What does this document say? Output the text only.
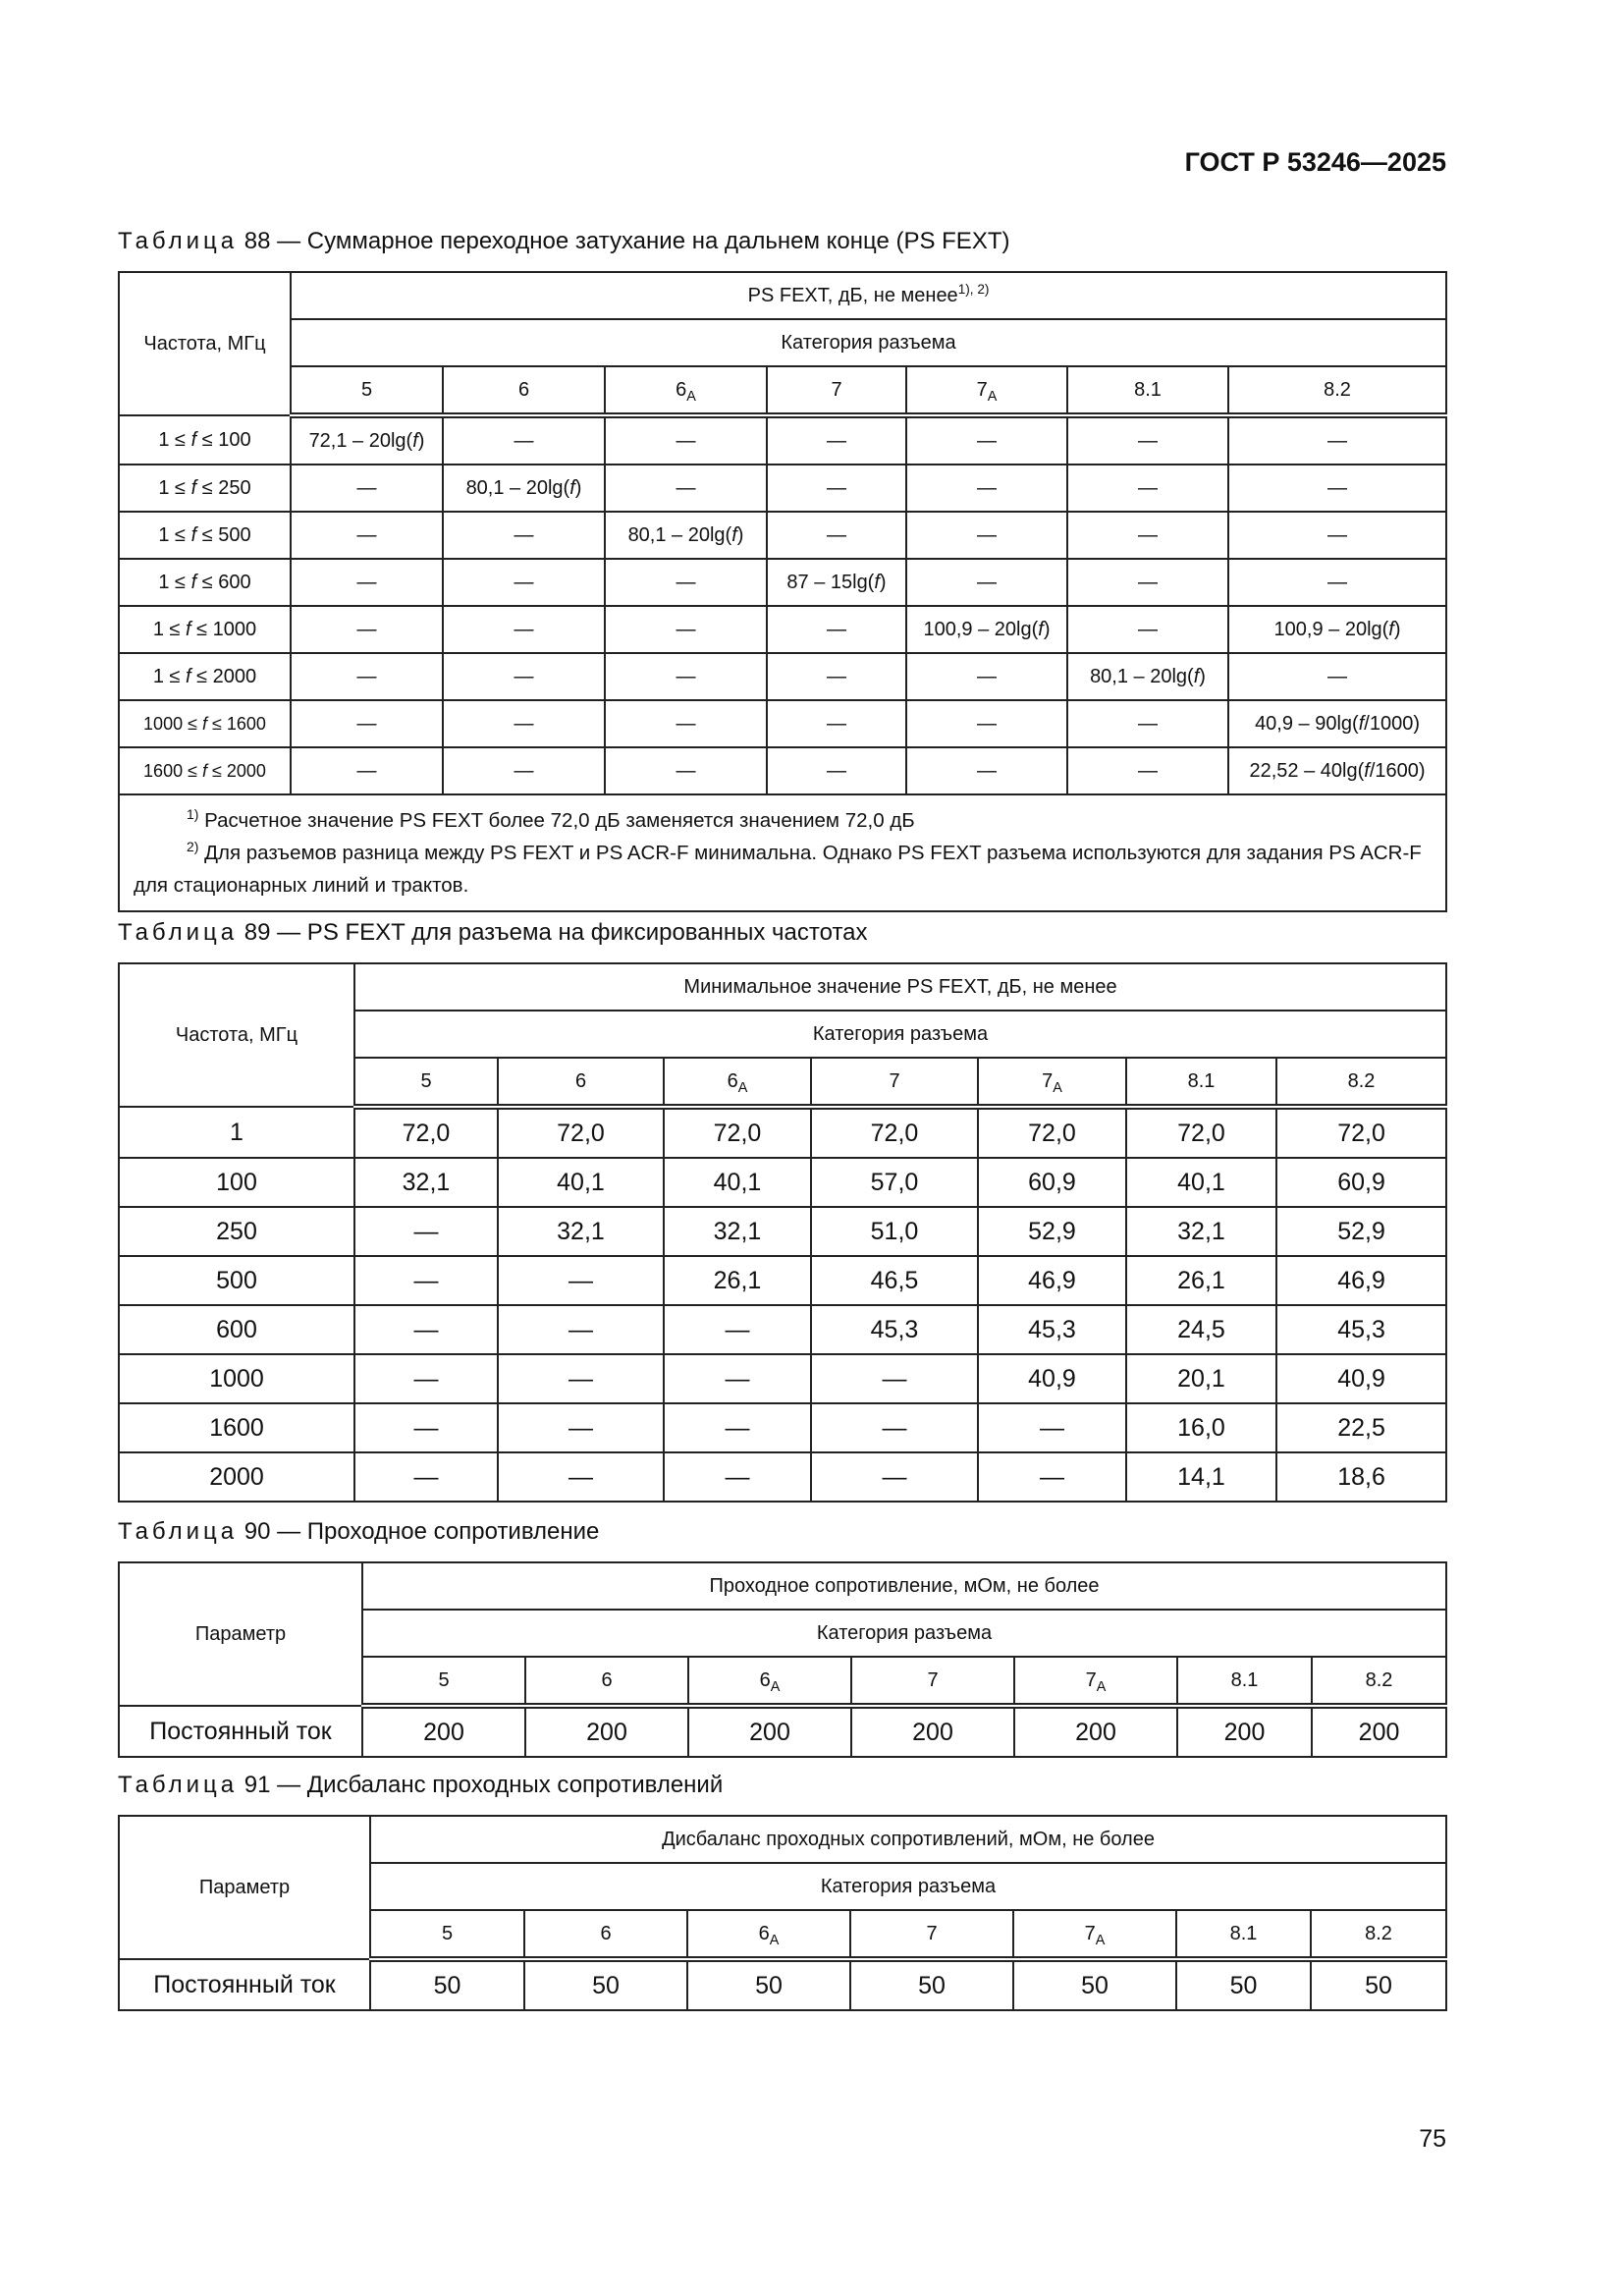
ГОСТ Р 53246—2025
Таблица 88 — Суммарное переходное затухание на дальнем конце (PS FEXT)
Частота, МГц	PS FEXT, дБ, не менее$^{1), 2)}$
	Категория разъема						
	5	6	$6_A$	7	$7_A$	8.1	8.2
1 ≤ f ≤ 100	72,1 – 20lg(f)	—	—	—	—	—	—
1 ≤ f ≤ 250	—	80,1 – 20lg(f)	—	—	—	—	—
1 ≤ f ≤ 500	—	—	80,1 – 20lg(f)	—	—	—	—
1 ≤ f ≤ 600	—	—	—	87 – 15lg(f)	—	—	—
1 ≤ f ≤ 1000	—	—	—	—	100,9 – 20lg(f)	—	100,9 – 20lg(f)
1 ≤ f ≤ 2000	—	—	—	—	—	80,1 – 20lg(f)	—
1000 ≤ f ≤ 1600	—	—	—	—	—	—	40,9 – 90lg(f/1000)
1600 ≤ f ≤ 2000	—	—	—	—	—	—	22,52 – 40lg(f/1600)

$^{1)}$ Расчетное значение PS FEXT более 72,0 дБ заменяется значением 72,0 дБ
$^{2)}$ Для разъемов разница между PS FEXT и PS ACR-F минимальна. Однако PS FEXT разъема используются для задания PS ACR-F для стационарных линий и трактов.							
Таблица 89 — PS FEXT для разъема на фиксированных частотах
Частота, МГц	Минимальное значение PS FEXT, дБ, не менее						
	Категория разъема						
	5	6	$6_A$	7	$7_A$	8.1	8.2
1	72,0	72,0	72,0	72,0	72,0	72,0	72,0
100	32,1	40,1	40,1	57,0	60,9	40,1	60,9
250	—	32,1	32,1	51,0	52,9	32,1	52,9
500	—	—	26,1	46,5	46,9	26,1	46,9
600	—	—	—	45,3	45,3	24,5	45,3
1000	—	—	—	—	40,9	20,1	40,9
1600	—	—	—	—	—	16,0	22,5
2000	—	—	—	—	—	14,1	18,6
Таблица 90 — Проходное сопротивление
Параметр	Проходное сопротивление, мОм, не более						
	Категория разъема						
	5	6	$6_A$	7	$7_A$	8.1	8.2
Постоянный ток	200	200	200	200	200	200	200
Таблица 91 — Дисбаланс проходных сопротивлений
Параметр	Дисбаланс проходных сопротивлений, мОм, не более						
	Категория разъема						
	5	6	$6_A$	7	$7_A$	8.1	8.2
Постоянный ток	50	50	50	50	50	50	50
75
